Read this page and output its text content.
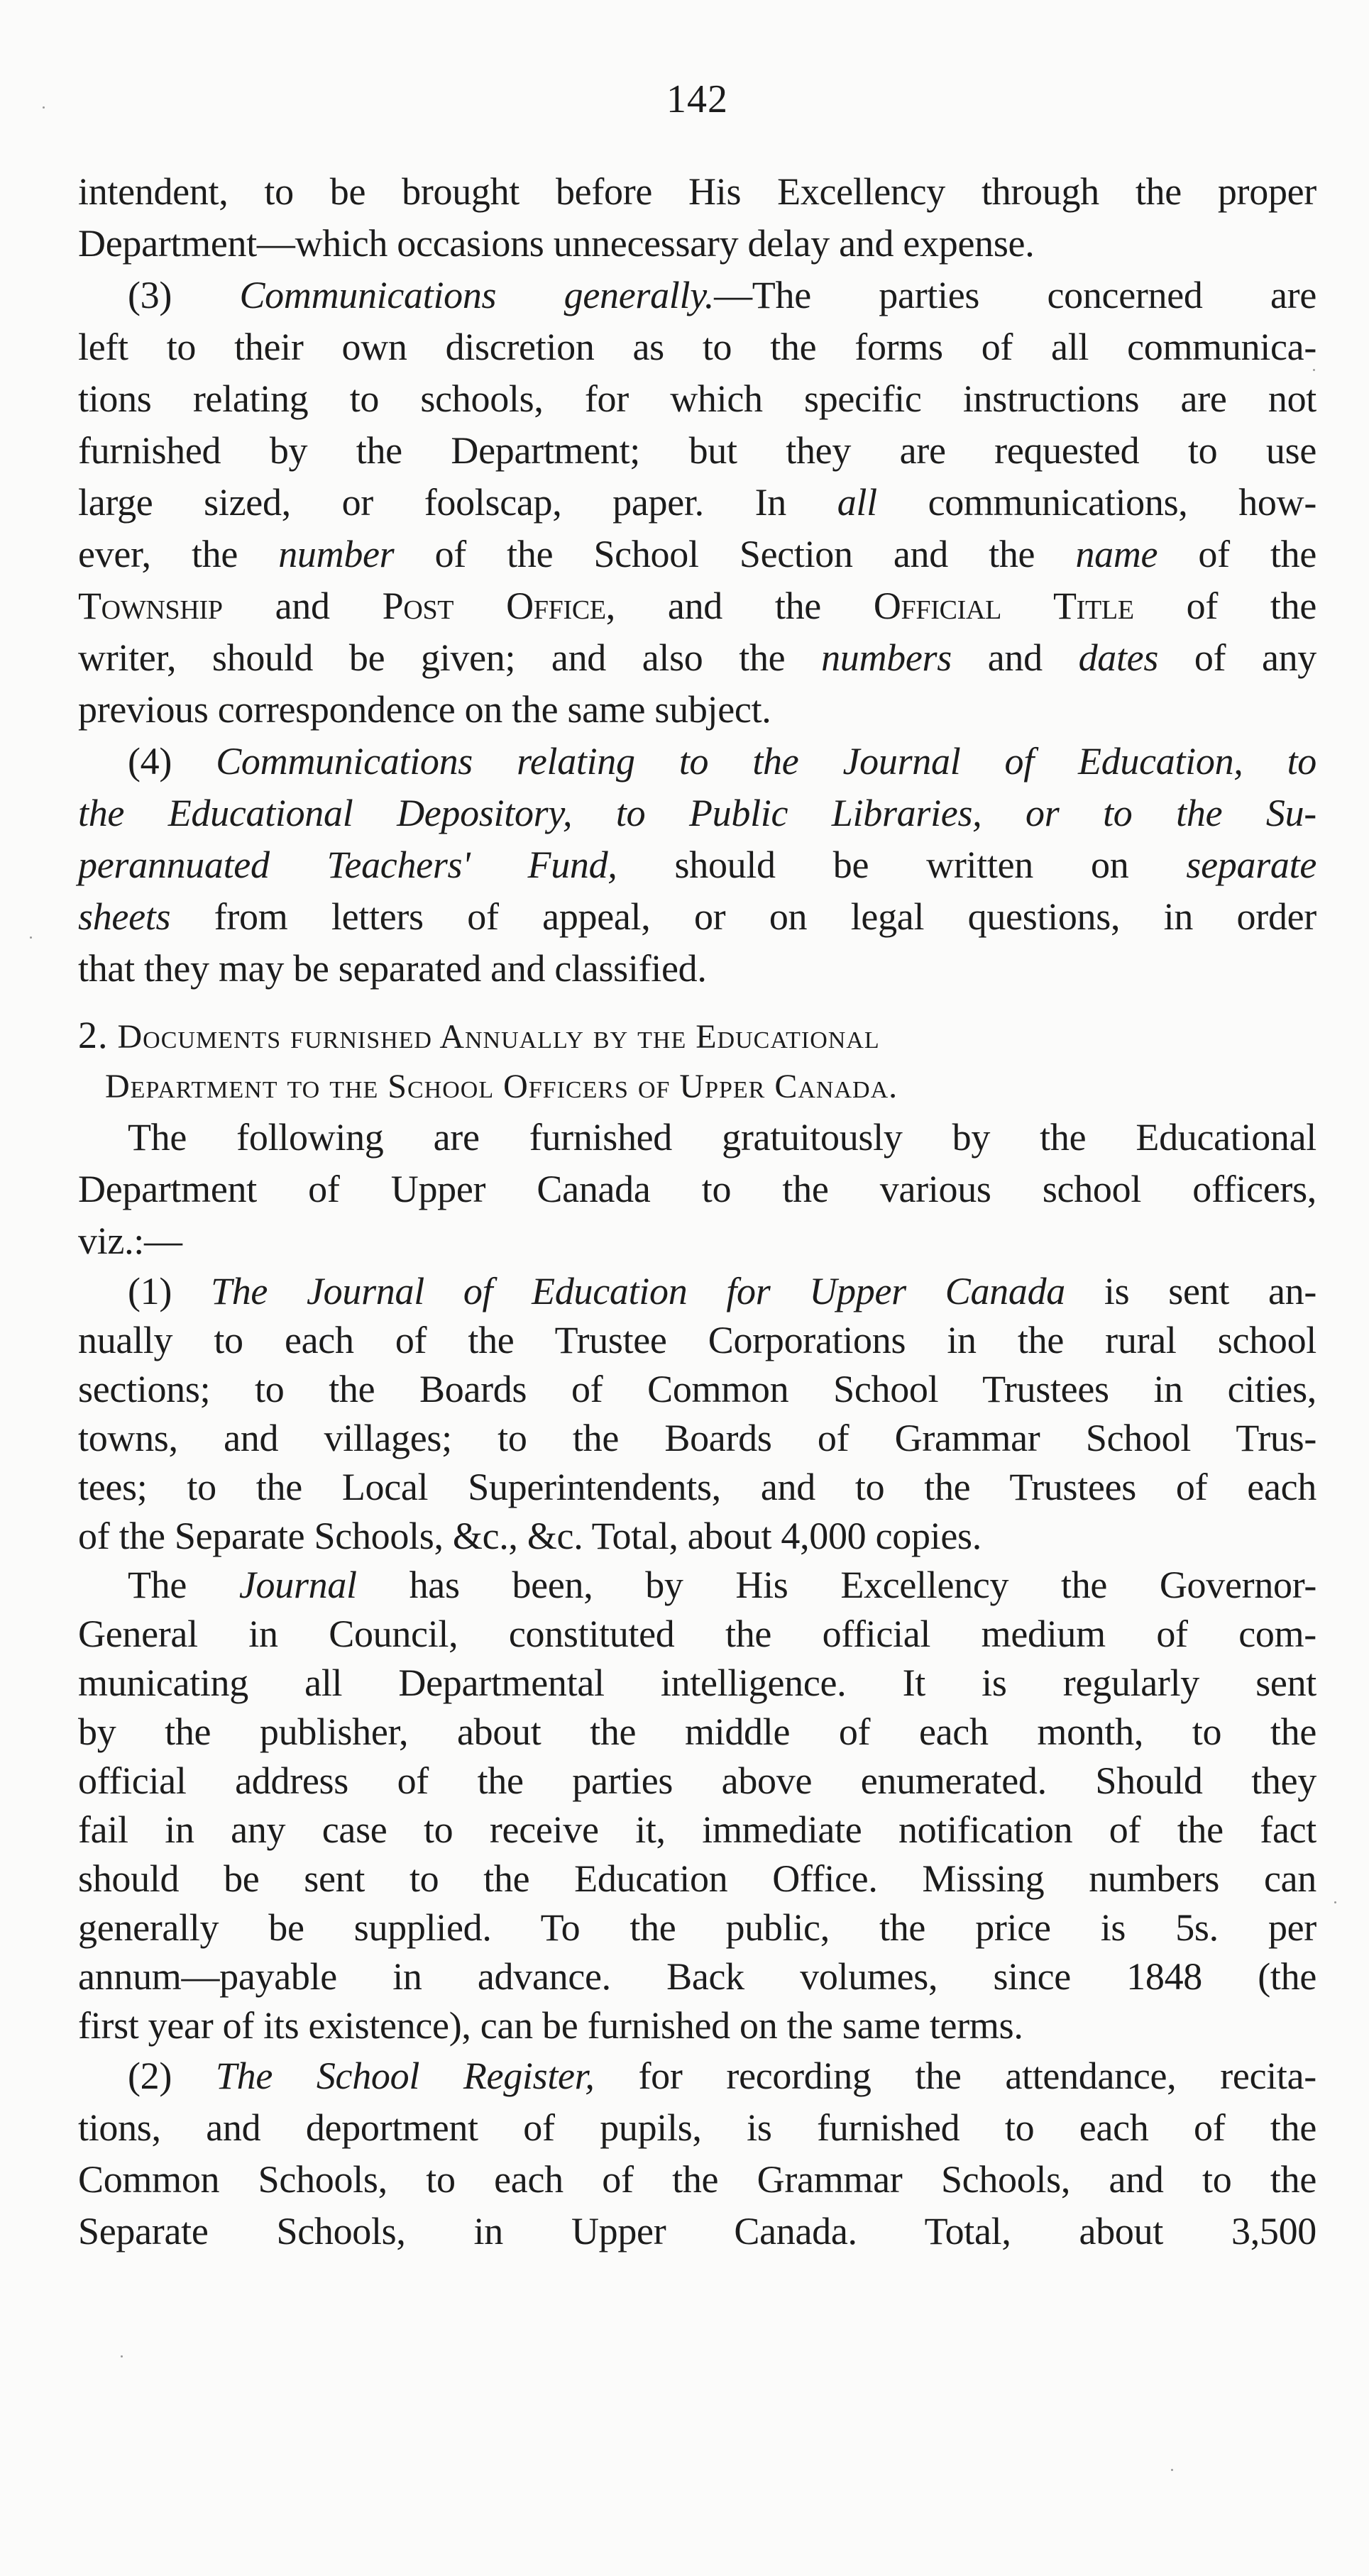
142

intendent, to be brought before His Excellency through the proper

Department—which occasions unnecessary delay and expense.

(3) Communications generally.—The parties concerned are

left to their own discretion as to the forms of all communica-

tions relating to schools, for which specific instructions are not

furnished by the Department; but they are requested to use

large sized, or foolscap, paper. In all communications, how-

ever, the number of the School Section and the name of the

Township and Post Office, and the Official Title of the

writer, should be given; and also the numbers and dates of any

previous correspondence on the same subject.

(4) Communications relating to the Journal of Education, to

the Educational Depository, to Public Libraries, or to the Su-

perannuated Teachers' Fund, should be written on separate

sheets from letters of appeal, or on legal questions, in order

that they may be separated and classified.

2. Documents furnished Annually by the Educational
Department to the School Officers of Upper Canada.

The following are furnished gratuitously by the Educational

Department of Upper Canada to the various school officers,

viz.:—

(1) The Journal of Education for Upper Canada is sent an-

nually to each of the Trustee Corporations in the rural school

sections; to the Boards of Common School Trustees in cities,

towns, and villages; to the Boards of Grammar School Trus-

tees; to the Local Superintendents, and to the Trustees of each

of the Separate Schools, &c., &c. Total, about 4,000 copies.

The Journal has been, by His Excellency the Governor-

General in Council, constituted the official medium of com-

municating all Departmental intelligence. It is regularly sent

by the publisher, about the middle of each month, to the

official address of the parties above enumerated. Should they

fail in any case to receive it, immediate notification of the fact

should be sent to the Education Office. Missing numbers can

generally be supplied. To the public, the price is 5s. per

annum—payable in advance. Back volumes, since 1848 (the

first year of its existence), can be furnished on the same terms.

(2) The School Register, for recording the attendance, recita-

tions, and deportment of pupils, is furnished to each of the

Common Schools, to each of the Grammar Schools, and to the

Separate Schools, in Upper Canada. Total, about 3,500
